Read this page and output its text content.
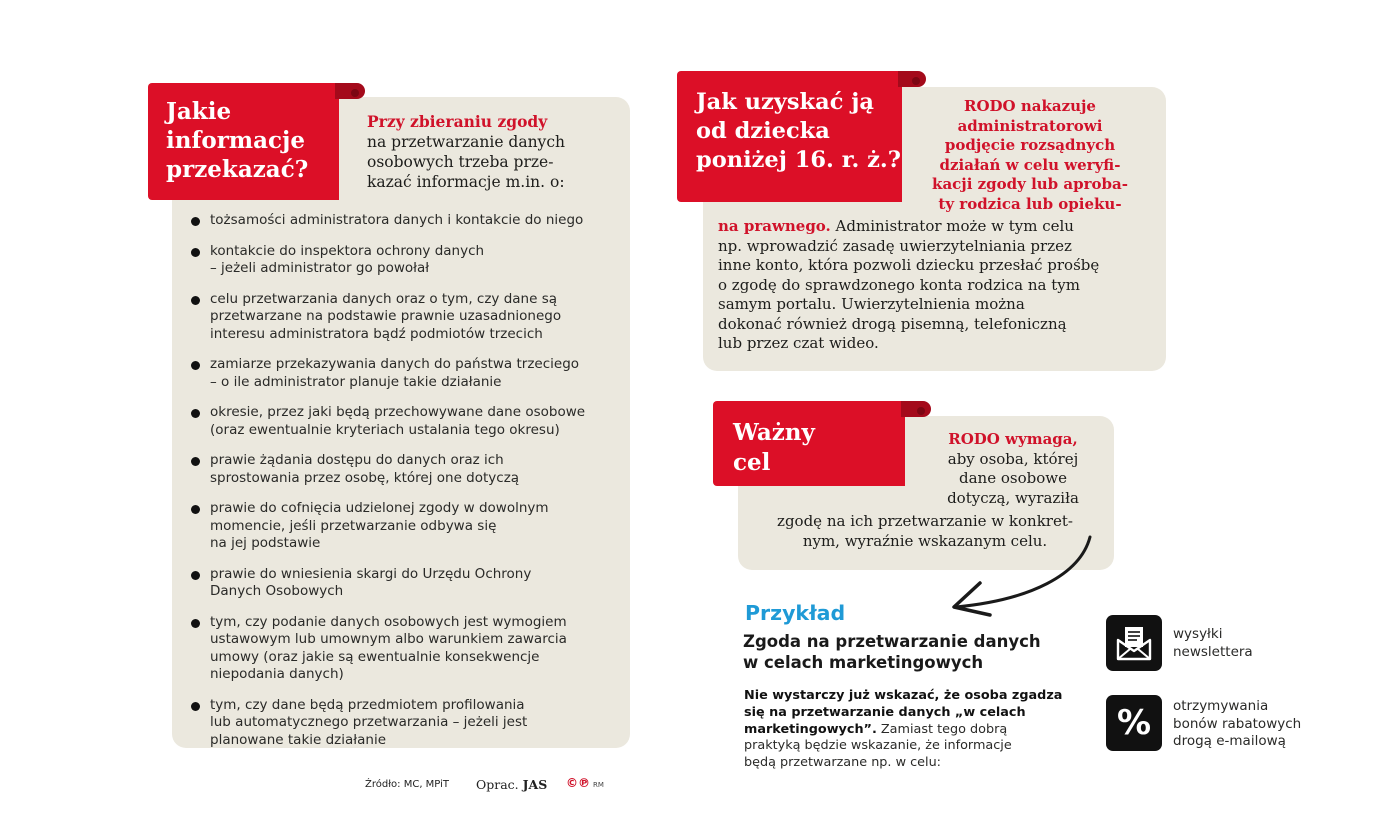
Jakie
informacje
przekazać?
Przy zbieraniu zgody
na przetwarzanie danych
osobowych trzeba prze-
kazać informacje m.in. o:
tożsamości administratora danych i kontakcie do niego
kontakcie do inspektora ochrony danych
– jeżeli administrator go powołał
celu przetwarzania danych oraz o tym, czy dane są
przetwarzane na podstawie prawnie uzasadnionego
interesu administratora bądź podmiotów trzecich
zamiarze przekazywania danych do państwa trzeciego
– o ile administrator planuje takie działanie
okresie, przez jaki będą przechowywane dane osobowe
(oraz ewentualnie kryteriach ustalania tego okresu)
prawie żądania dostępu do danych oraz ich
sprostowania przez osobę, której one dotyczą
prawie do cofnięcia udzielonej zgody w dowolnym
momencie, jeśli przetwarzanie odbywa się
na jej podstawie
prawie do wniesienia skargi do Urzędu Ochrony
Danych Osobowych
tym, czy podanie danych osobowych jest wymogiem
ustawowym lub umownym albo warunkiem zawarcia
umowy (oraz jakie są ewentualnie konsekwencje
niepodania danych)
tym, czy dane będą przedmiotem profilowania
lub automatycznego przetwarzania – jeżeli jest
planowane takie działanie
Źródło: MC, MPiT Oprac. JAS ©℗ RM
Jak uzyskać ją
od dziecka
poniżej 16. r. ż.?
RODO nakazuje
administratorowi
podjęcie rozsądnych
działań w celu weryfi-
kacji zgody lub aproba-
ty rodzica lub opieku-
na prawnego. Administrator może w tym celu
np. wprowadzić zasadę uwierzytelniania przez
inne konto, która pozwoli dziecku przesłać prośbę
o zgodę do sprawdzonego konta rodzica na tym
samym portalu. Uwierzytelnienia można
dokonać również drogą pisemną, telefoniczną
lub przez czat wideo.
Ważny
cel
RODO wymaga,
aby osoba, której
dane osobowe
dotyczą, wyraziła
zgodę na ich przetwarzanie w konkret-
nym, wyraźnie wskazanym celu.
Przykład
Zgoda na przetwarzanie danych
w celach marketingowych
Nie wystarczy już wskazać, że osoba zgadza
się na przetwarzanie danych „w celach
marketingowych”. Zamiast tego dobrą
praktyką będzie wskazanie, że informacje
będą przetwarzane np. w celu:
wysyłki
newslettera
% otrzymywania
bonów rabatowych
drogą e-mailową
